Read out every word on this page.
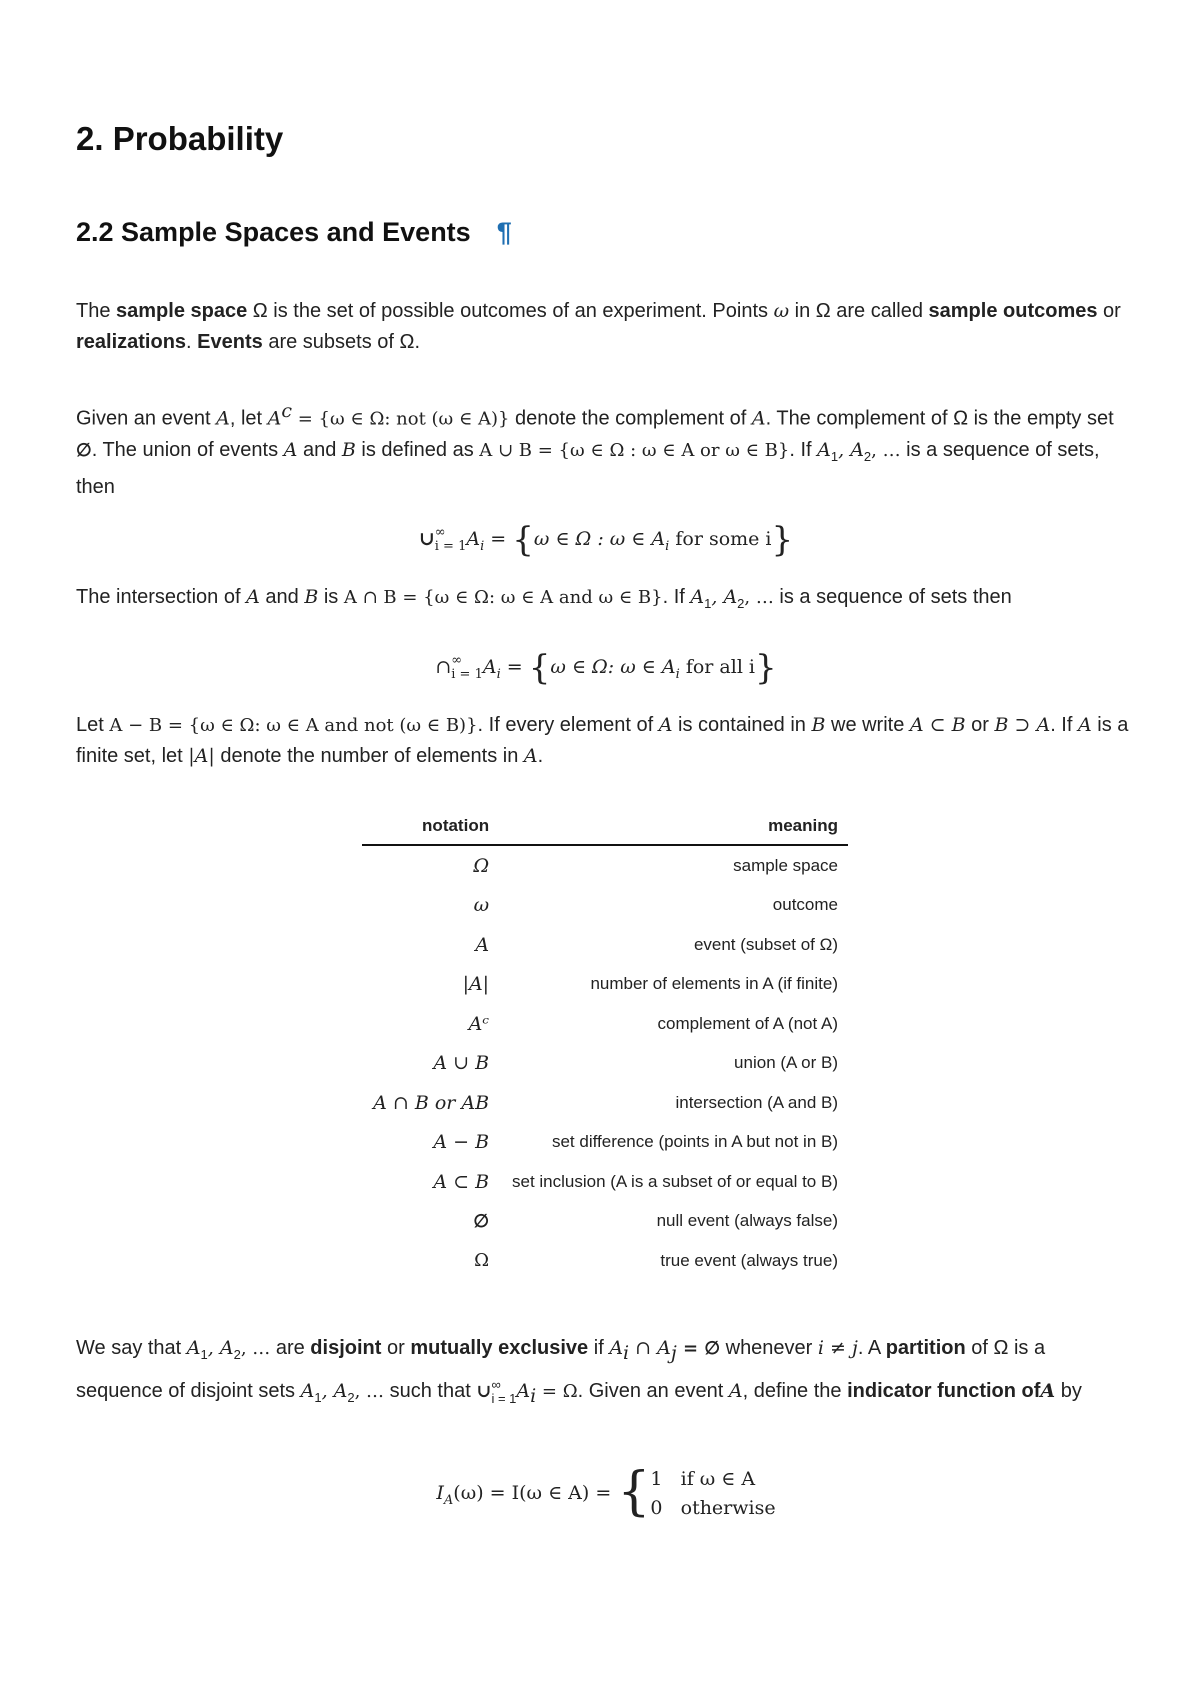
2. Probability
2.2 Sample Spaces and Events ¶

The sample space Ω is the set of possible outcomes of an experiment. Points ω in Ω are called sample outcomes or realizations. Events are subsets of Ω.

Given an event A, let $A^c = \{\omega$ ∈ Ω: not (ω ∈ A)} denote the complement of A. The complement of Ω is the empty set ∅. The union of events A and B is defined as A ∪ B = {ω ∈ Ω : ω ∈ A or ω ∈ B}. If $A_1$, $A_2$, … is a sequence of sets, then

∪∞
$i = 1A_i = \{\omega$ ∈ Ω : ω ∈ $A_i$ for some i}

The intersection of A and B is A ∩ B = {ω ∈ Ω: ω ∈ A and ω ∈ B}. If $A_1$, $A_2$, … is a sequence of sets then

∩∞
$i = 1A_i = \{\omega$ ∈ Ω: ω ∈ $A_i$ for all i}

Let A − B = {ω ∈ Ω: ω ∈ A and not (ω ∈ B)}. If every element of A is contained in B we write A ⊂ B or B ⊃ A. If A is a finite set, let |A| denote the number of elements in A.

notation	meaning
Ω	sample space
ω	outcome
A	event (subset of Ω)
|A|	number of elements in A (if finite)
Aᶜ	complement of A (not A)
A ∪ B	union (A or B)
A ∩ B or AB	intersection (A and B)
A − B	set difference (points in A but not in B)
A ⊂ B	set inclusion (A is a subset of or equal to B)
∅	null event (always false)
Ω	true event (always true)

We say that $A_1$, $A_2$, … are disjoint or mutually exclusive if $A_i$ ∩ $A_j$ = ∅ whenever i ≠ j. A partition of Ω is a sequence of disjoint sets $A_1$, $A_2$, … such that ∪∞
$i = 1A_i = \Omega$. Given an event A, define the indicator function ofA by

$I_A(\omega) = I(\omega$ ∈ A) = {1 if ω ∈ A
0 otherwise
